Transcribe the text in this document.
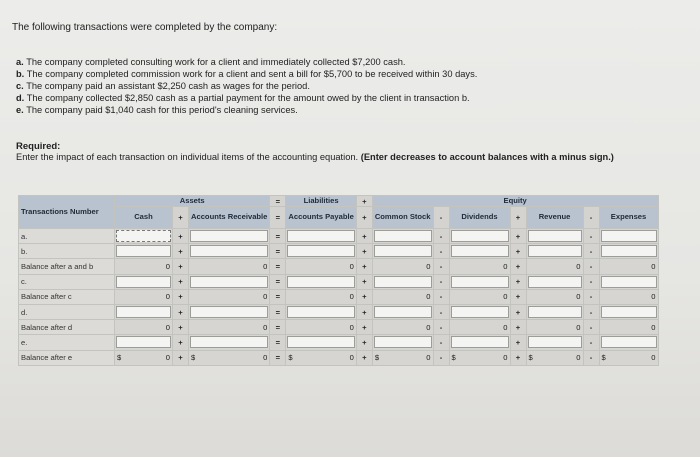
The following transactions were completed by the company:
a. The company completed consulting work for a client and immediately collected $7,200 cash.
b. The company completed commission work for a client and sent a bill for $5,700 to be received within 30 days.
c. The company paid an assistant $2,250 cash as wages for the period.
d. The company collected $2,850 cash as a partial payment for the amount owed by the client in transaction b.
e. The company paid $1,040 cash for this period's cleaning services.
Required:
Enter the impact of each transaction on individual items of the accounting equation. (Enter decreases to account balances with a minus sign.)
Transactions Number	Assets			=	Liabilities	+	Equity						
	Cash	+	Accounts Receivable	=	Accounts Payable	+	Common Stock	-	Dividends	+	Revenue	-	Expenses
a.		+		=		+		-		+		-	

b.		+		=		+		-		+		-	

Balance after a and b	0	+	0	=	0	+	0	-	0	+	0	-	0
c.		+		=		+		-		+		-	

Balance after c	0	+	0	=	0	+	0	-	0	+	0	-	0
d.		+		=		+		-		+		-	

Balance after d	0	+	0	=	0	+	0	-	0	+	0	-	0
e.		+		=		+		-		+		-	

Balance after e	$ 0	+	$ 0	=	$ 0	+	$ 0	-	$ 0	+	$ 0	-	$ 0
